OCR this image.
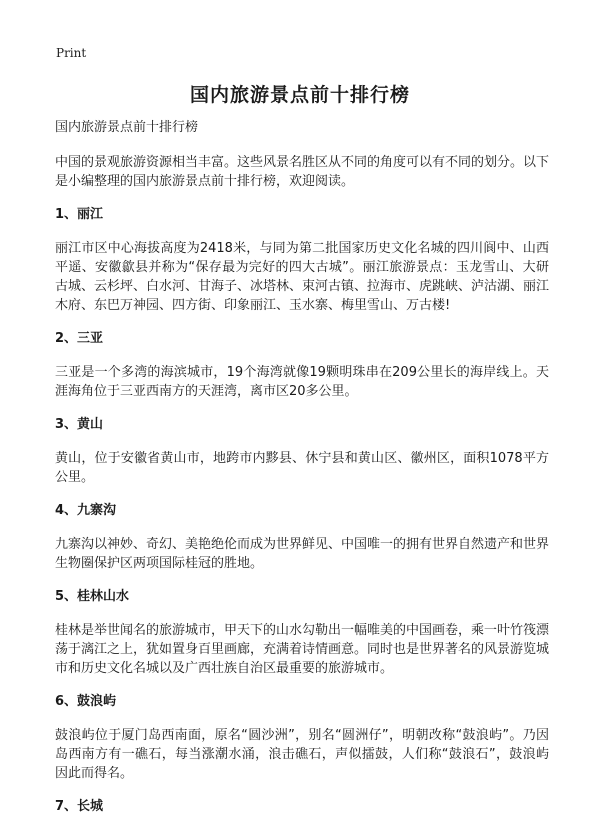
Print
国内旅游景点前十排行榜

国内旅游景点前十排行榜

中国的景观旅游资源相当丰富。这些风景名胜区从不同的角度可以有不同的划分。以下是小编整理的国内旅游景点前十排行榜，欢迎阅读。

1、丽江

丽江市区中心海拔高度为2418米，与同为第二批国家历史文化名城的四川阆中、山西平遥、安徽歙县并称为“保存最为完好的四大古城”。丽江旅游景点：玉龙雪山、大研古城、云杉坪、白水河、甘海子、冰塔林、束河古镇、拉海市、虎跳峡、泸沽湖、丽江木府、东巴万神园、四方街、印象丽江、玉水寨、梅里雪山、万古楼!

2、三亚

三亚是一个多湾的海滨城市，19个海湾就像19颗明珠串在209公里长的海岸线上。天涯海角位于三亚西南方的天涯湾，离市区20多公里。

3、黄山

黄山，位于安徽省黄山市，地跨市内黟县、休宁县和黄山区、徽州区，面积1078平方公里。

4、九寨沟

九寨沟以神妙、奇幻、美艳绝伦而成为世界鲜见、中国唯一的拥有世界自然遗产和世界生物圈保护区两项国际桂冠的胜地。

5、桂林山水

桂林是举世闻名的旅游城市，甲天下的山水勾勒出一幅唯美的中国画卷，乘一叶竹筏漂荡于漓江之上，犹如置身百里画廊，充满着诗情画意。同时也是世界著名的风景游览城市和历史文化名城以及广西壮族自治区最重要的旅游城市。

6、鼓浪屿

鼓浪屿位于厦门岛西南面，原名“圆沙洲”，别名“圆洲仔”，明朝改称“鼓浪屿”。乃因岛西南方有一礁石，每当涨潮水涌，浪击礁石，声似擂鼓，人们称“鼓浪石”，鼓浪屿因此而得名。

7、长城
